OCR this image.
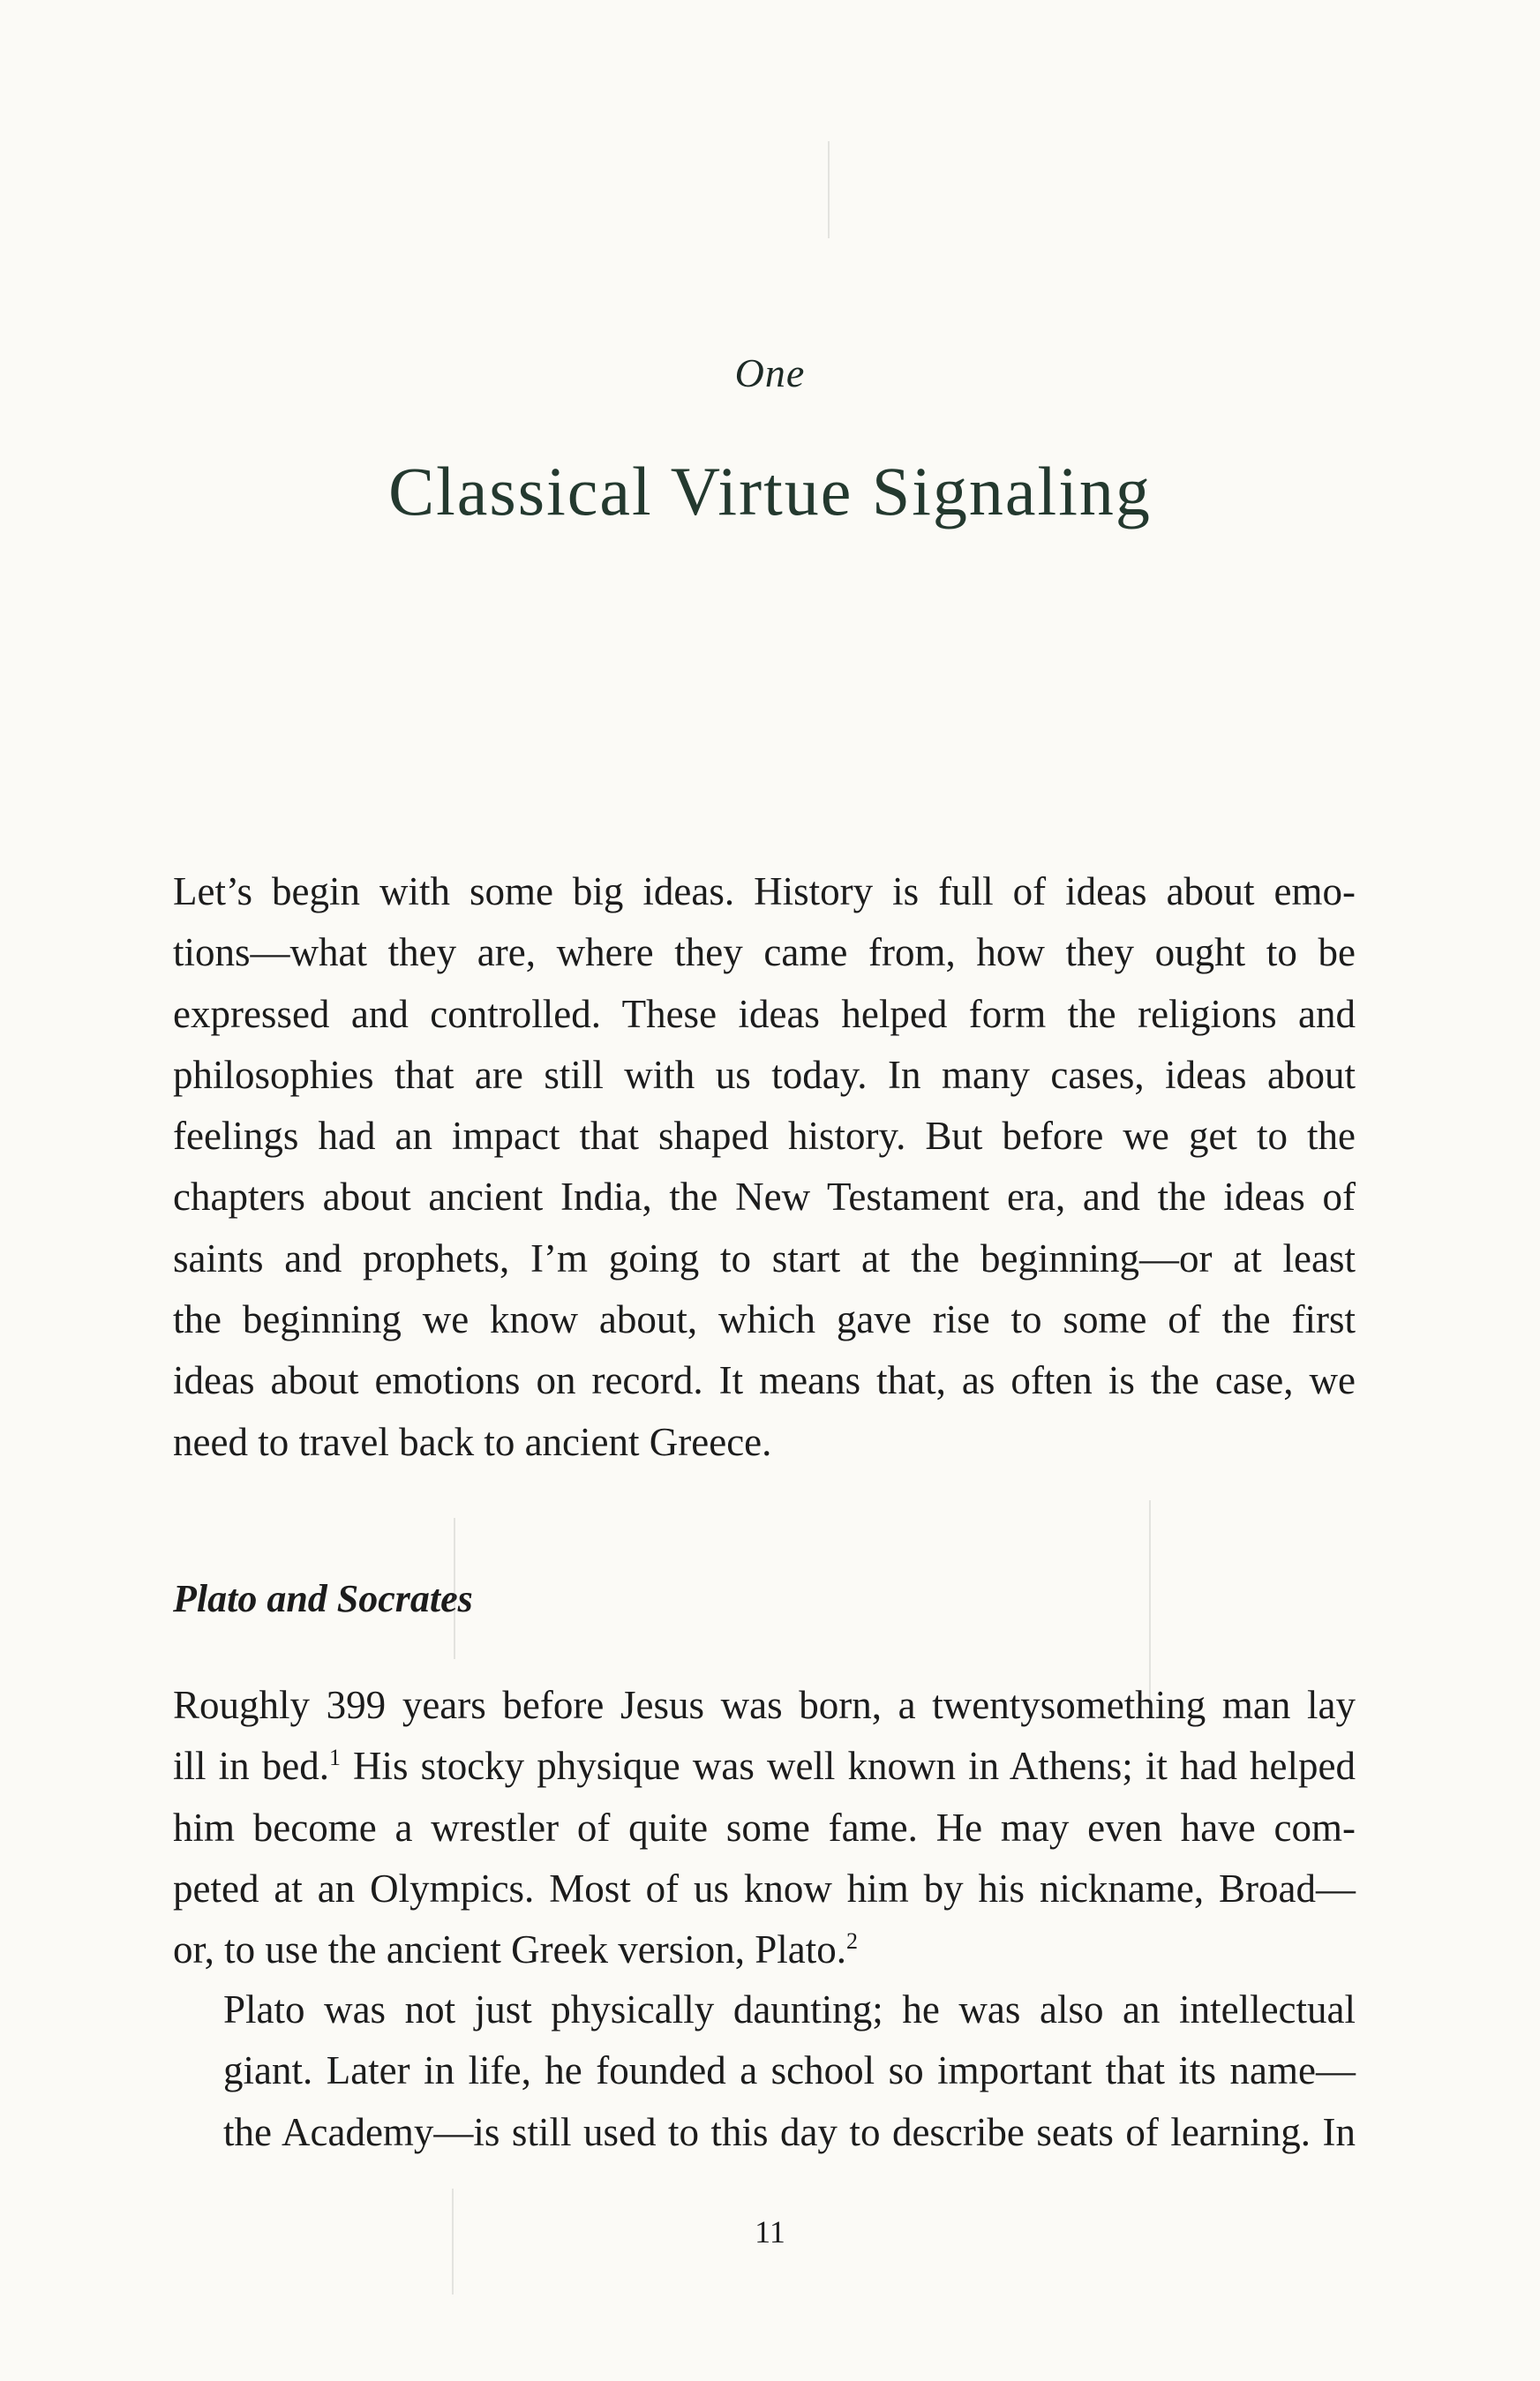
One
Classical Virtue Signaling

Let’s begin with some big ideas. History is full of ideas about emo-
tions—what they are, where they came from, how they ought to be
expressed and controlled. These ideas helped form the religions and
philosophies that are still with us today. In many cases, ideas about
feelings had an impact that shaped history. But before we get to the
chapters about ancient India, the New Testament era, and the ideas of
saints and prophets, I’m going to start at the beginning—or at least
the beginning we know about, which gave rise to some of the first
ideas about emotions on record. It means that, as often is the case, we
need to travel back to ancient Greece.

Plato and Socrates

Roughly 399 years before Jesus was born, a twentysomething man lay
ill in bed.$^1$ His stocky physique was well known in Athens; it had helped
him become a wrestler of quite some fame. He may even have com-
peted at an Olympics. Most of us know him by his nickname, Broad—
or, to use the ancient Greek version, Plato.$^2$

Plato was not just physically daunting; he was also an intellectual
giant. Later in life, he founded a school so important that its name—
the Academy—is still used to this day to describe seats of learning. In

11
